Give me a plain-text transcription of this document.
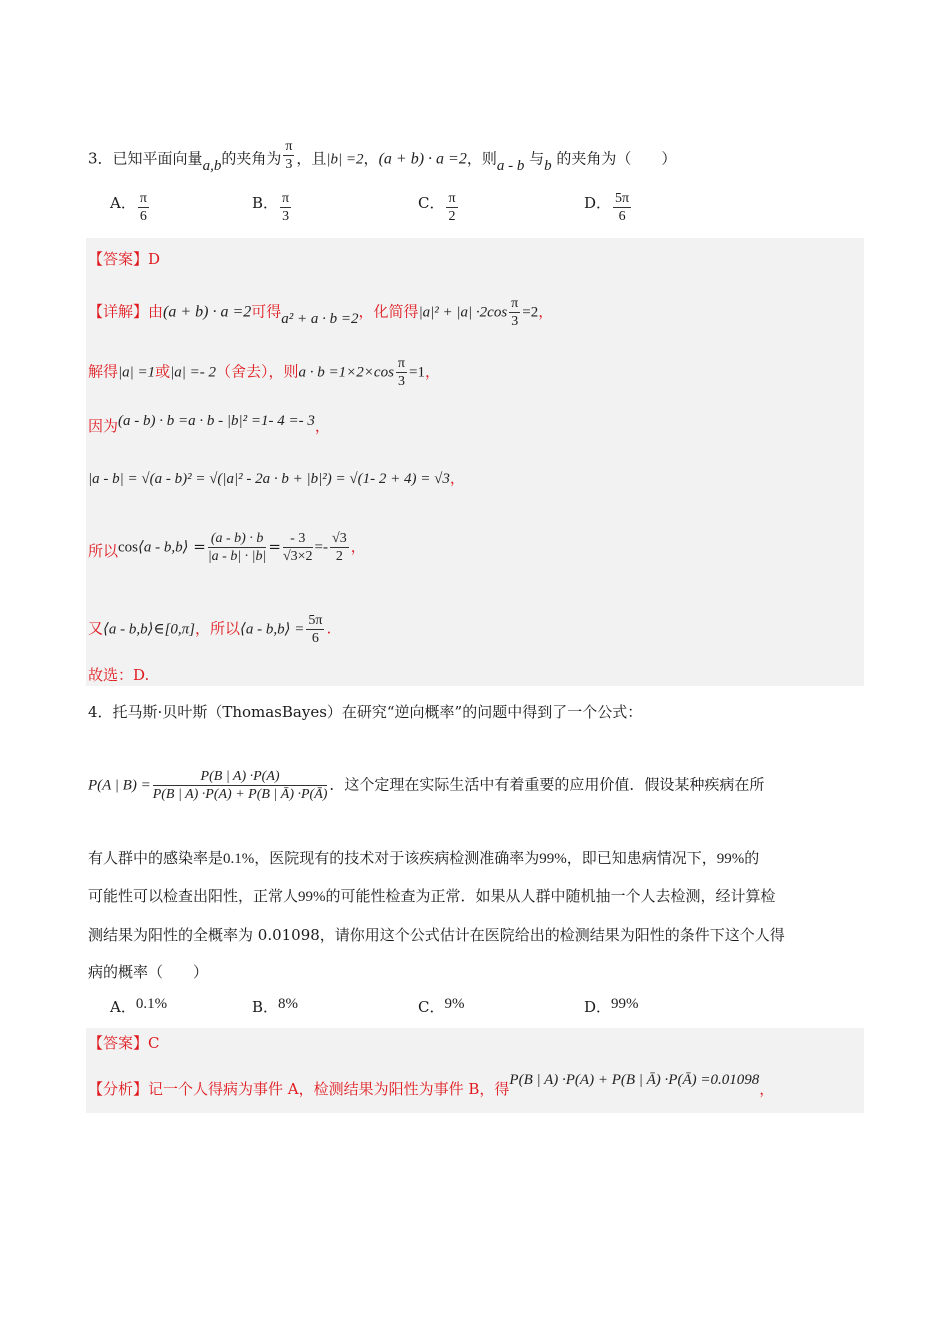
3．已知平面向量a,b的夹角为 $\frac{\pi}{3}$ ，且|b| =2，(a + b) · a =2，则a - b 与b 的夹角为（　　）
A． $\frac{\pi}{6}$	B． $\frac{\pi}{3}$	C． $\frac{\pi}{2}$	D． $\frac{5\pi}{6}$
【答案】D
【详解】由(a + b) · a =2可得a² + a · b =2，化简得$|a|^2 + |a| \cdot 2\cos \frac{\pi}{3} =2$，
解得|a| =1或|a| =- 2（舍去），则$a \cdot b =1\times 2\times\cos \frac{\pi}{3} =1$，
因为(a - b) · b =a · b - |b|² =1- 4 =- 3，
|a - b| = √(a - b)² = √(|a|² - 2a · b + |b|²) = √(1- 2 + 4) = √3，
所以cos⟨a - b,b⟩ = $\frac{(a - b) \cdot b}{|a - b| \cdot |b|} = \frac{- 3}{√3\times 2} =- \frac{√3}{2}$ ，
又⟨a - b,b⟩∈[0,π]，所以⟨a - b,b⟩ = $\frac{5\pi}{6}$ .
故选：D.
4．托马斯·贝叶斯（ThomasBayes）在研究“逆向概率”的问题中得到了一个公式：
P(A | $B) = \frac{P(B | A) \cdot P(A)}{P(B | A) \cdot P(A) + P(B | Ā) \cdot P(Ā)}$ ．这个定理在实际生活中有着重要的应用价值．假设某种疾病在所
有人群中的感染率是0.1%，医院现有的技术对于该疾病检测准确率为99%，即已知患病情况下，99%的
可能性可以检查出阳性，正常人99%的可能性检查为正常．如果从人群中随机抽一个人去检测，经计算检
测结果为阳性的全概率为 0.01098，请你用这个公式估计在医院给出的检测结果为阳性的条件下这个人得
病的概率（　　）
A．0.1%	B．8%	C．9%	D．99%
【答案】C
【分析】记一个人得病为事件 A，检测结果为阳性为事件 B，得P(B | A) ·P(A) + P(B | Ā) ·P(Ā) =0.01098，
